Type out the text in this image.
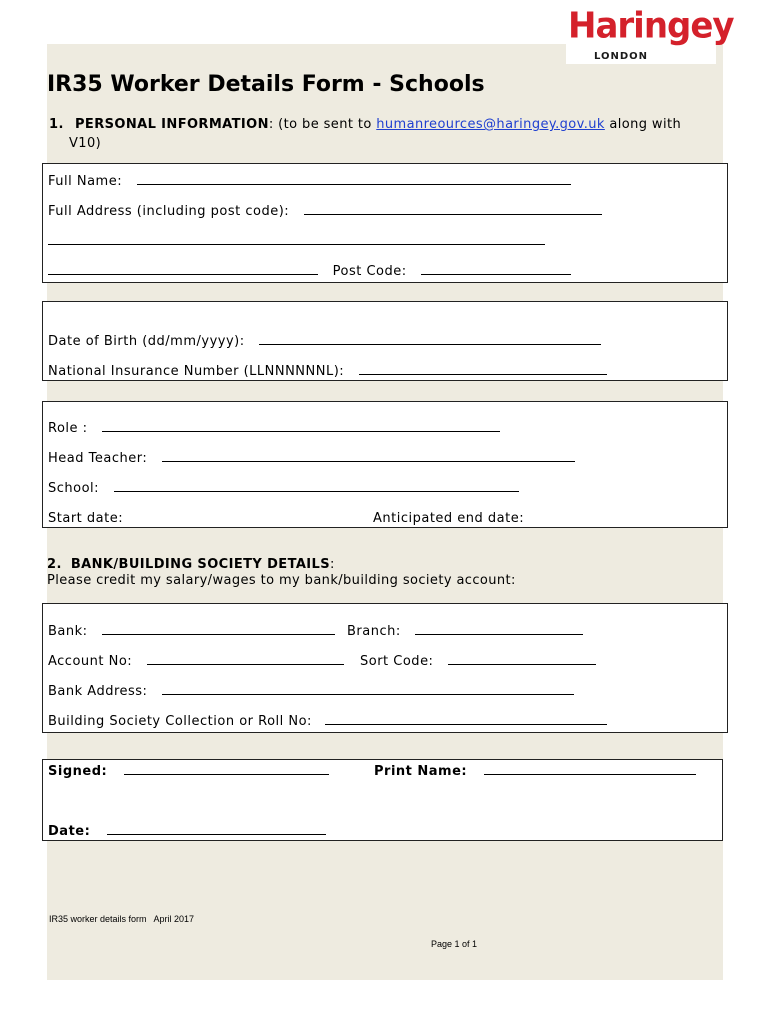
Haringey
LONDON
IR35 Worker Details Form - Schools
1. PERSONAL INFORMATION: (to be sent to humanreources@haringey.gov.uk along with
V10)
Full Name:
Full Address (including post code):
Post Code:
Date of Birth (dd/mm/yyyy):
National Insurance Number (LLNNNNNNL):
Role :
Head Teacher:
School:
Start date:	Anticipated end date:
2. BANK/BUILDING SOCIETY DETAILS:
Please credit my salary/wages to my bank/building society account:
Bank:	Branch:
Account No:	Sort Code:
Bank Address:
Building Society Collection or Roll No:
Signed:	Print Name:
Date:
IR35 worker details form   April 2017
Page 1 of 1
